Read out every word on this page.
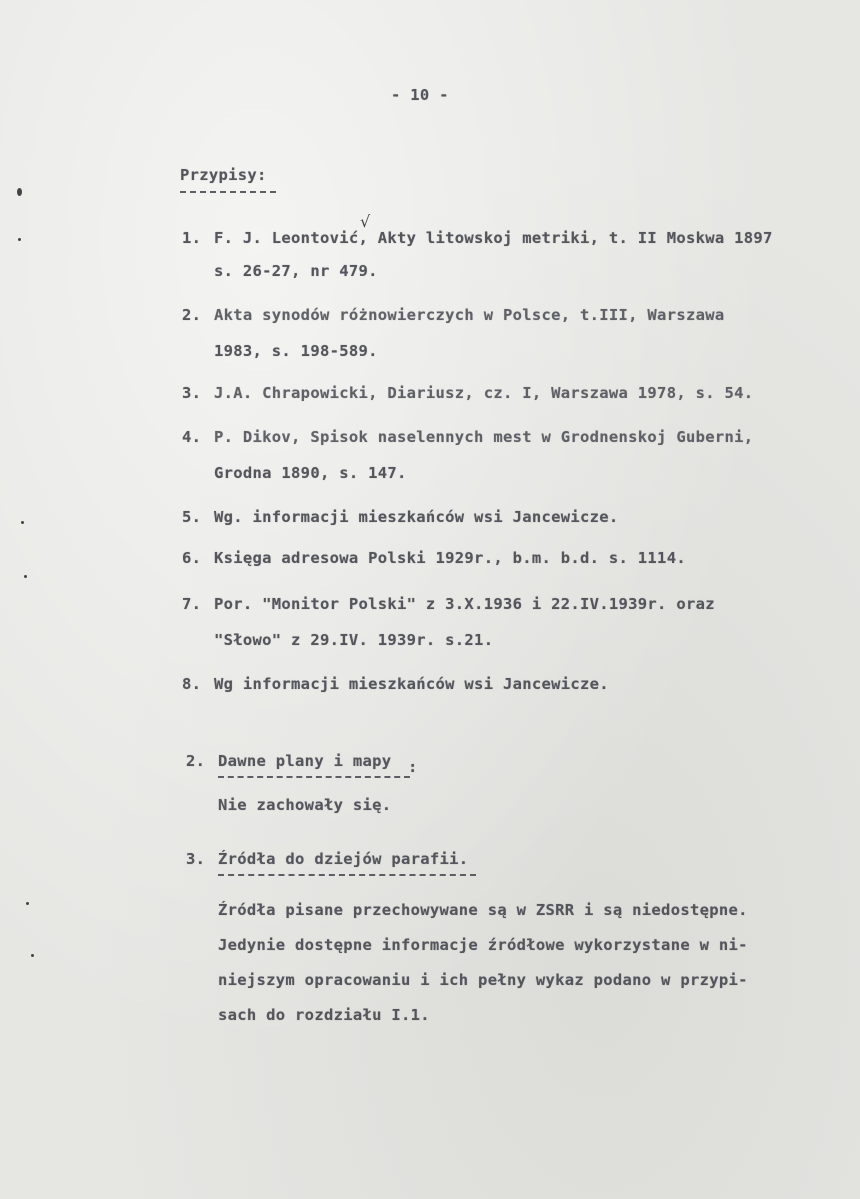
- 10 -
Przypisy:
1. F. J. Leontović, Akty litowskoj metriki, t. II Moskwa 1897
s. 26-27, nr 479.
√
2. Akta synodów różnowierczych w Polsce, t.III, Warszawa
1983, s. 198-589.
3. J.A. Chrapowicki, Diariusz, cz. I, Warszawa 1978, s. 54.
4. P. Dikov, Spisok naselennych mest w Grodnenskoj Guberni,
Grodna 1890, s. 147.
5. Wg. informacji mieszkańców wsi Jancewicze.
6. Księga adresowa Polski 1929r., b.m. b.d. s. 1114.
7. Por. "Monitor Polski" z 3.X.1936 i 22.IV.1939r. oraz
"Słowo" z 29.IV. 1939r. s.21.
8. Wg informacji mieszkańców wsi Jancewicze.
2. Dawne plany i mapy :
Nie zachowały się.
3. Źródła do dziejów parafii.
Źródła pisane przechowywane są w ZSRR i są niedostępne.
Jedynie dostępne informacje źródłowe wykorzystane w ni-
niejszym opracowaniu i ich pełny wykaz podano w przypi-
sach do rozdziału I.1.
